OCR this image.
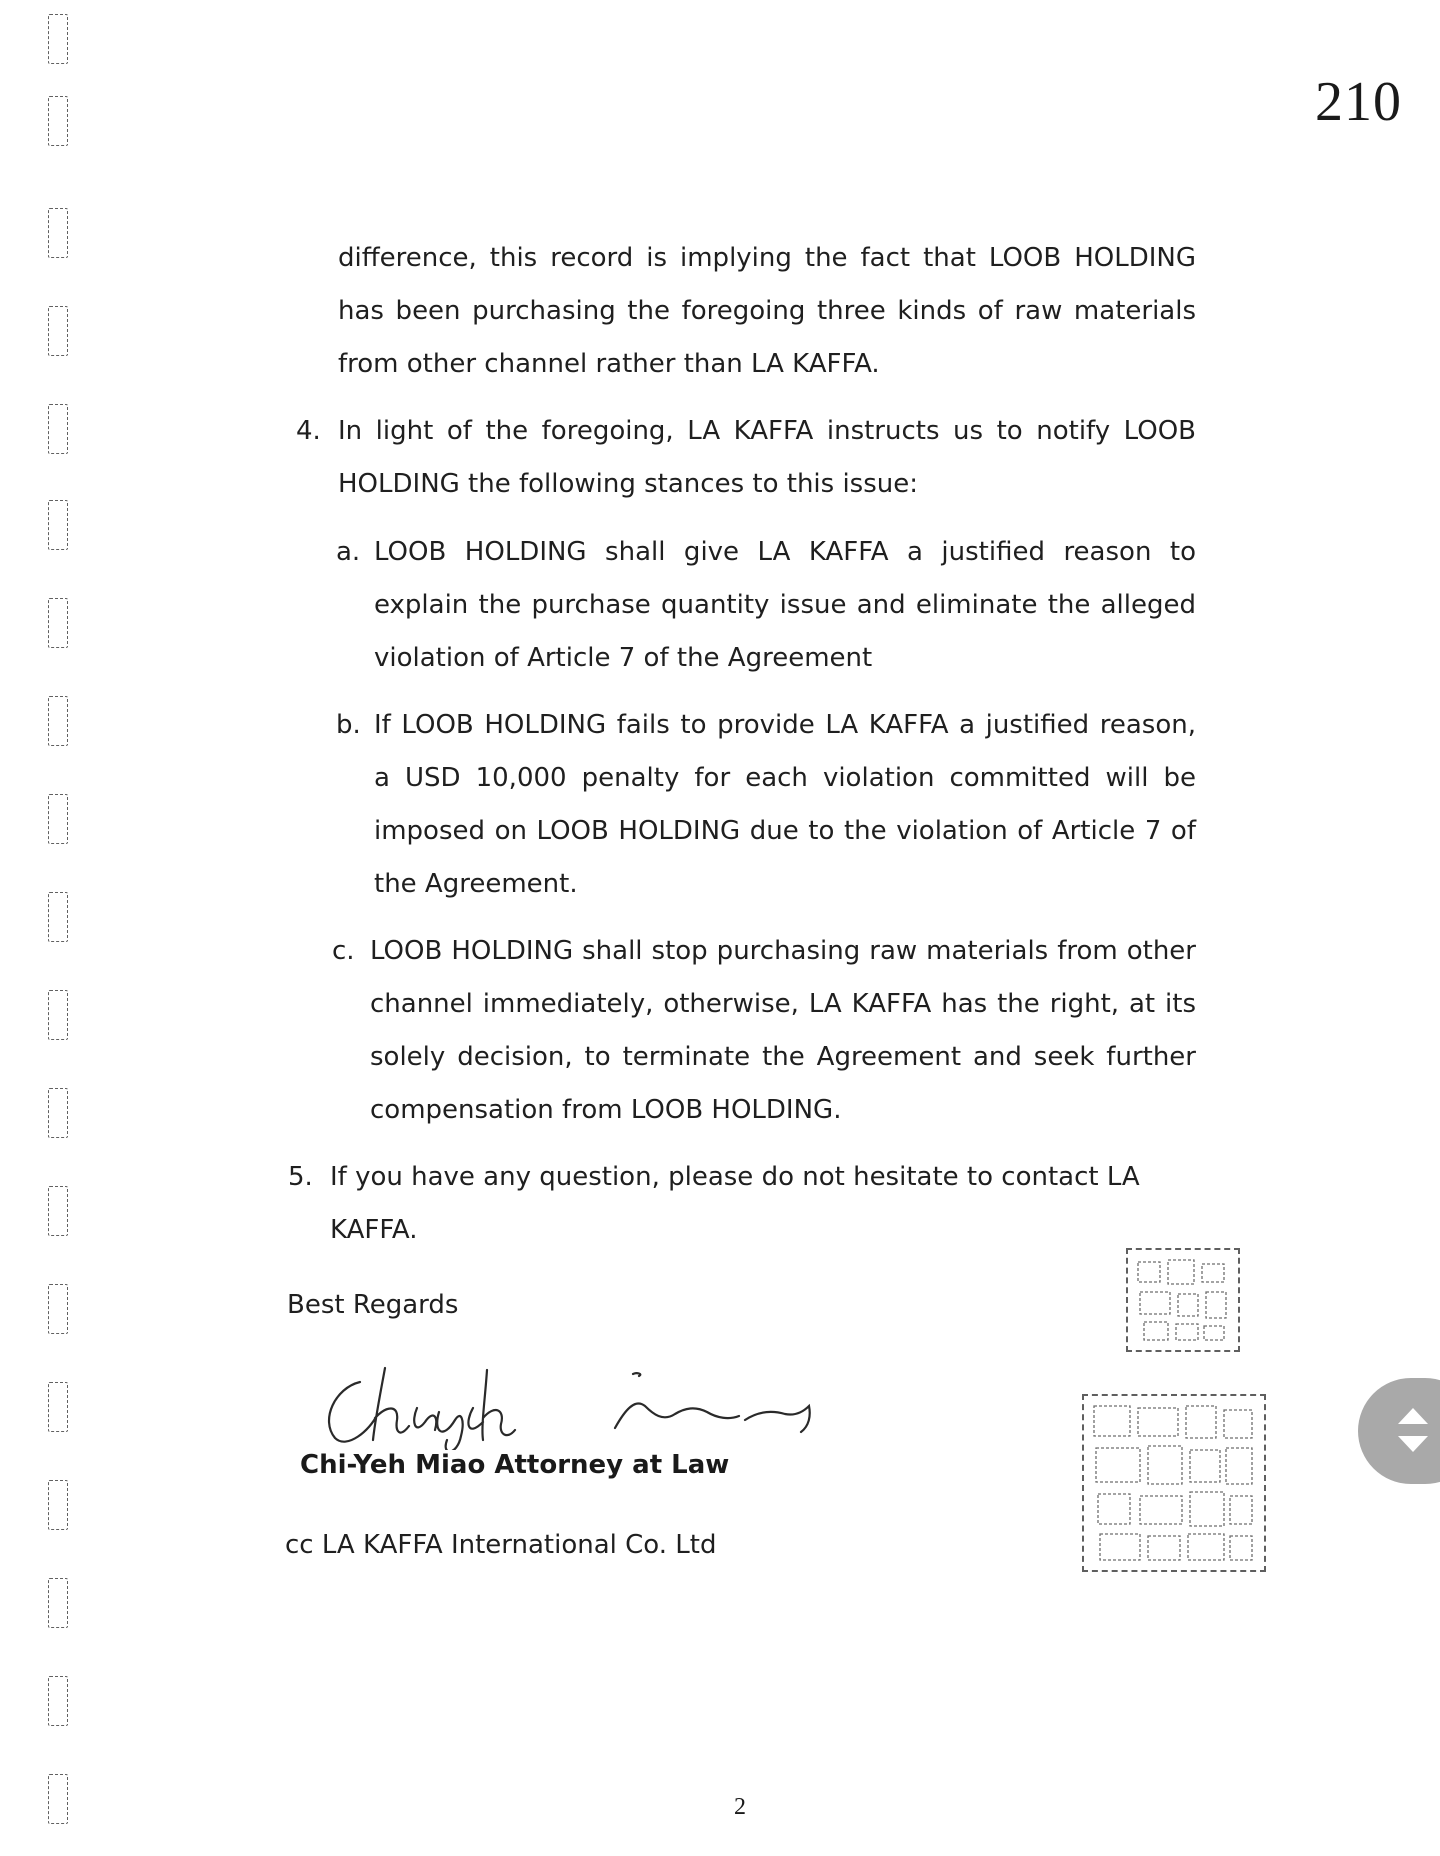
210
difference, this record is implying the fact that LOOB HOLDING has been purchasing the foregoing three kinds of raw materials from other channel rather than LA KAFFA.
4. In light of the foregoing, LA KAFFA instructs us to notify LOOB HOLDING the following stances to this issue:
a. LOOB HOLDING shall give LA KAFFA a justified reason to explain the purchase quantity issue and eliminate the alleged violation of Article 7 of the Agreement
b. If LOOB HOLDING fails to provide LA KAFFA a justified reason, a USD 10,000 penalty for each violation committed will be imposed on LOOB HOLDING due to the violation of Article 7 of the Agreement.
c. LOOB HOLDING shall stop purchasing raw materials from other channel immediately, otherwise, LA KAFFA has the right, at its solely decision, to terminate the Agreement and seek further compensation from LOOB HOLDING.
5. If you have any question, please do not hesitate to contact LA KAFFA.
Best Regards
Chi-Yeh Miao Attorney at Law
cc LA KAFFA International Co. Ltd
2
